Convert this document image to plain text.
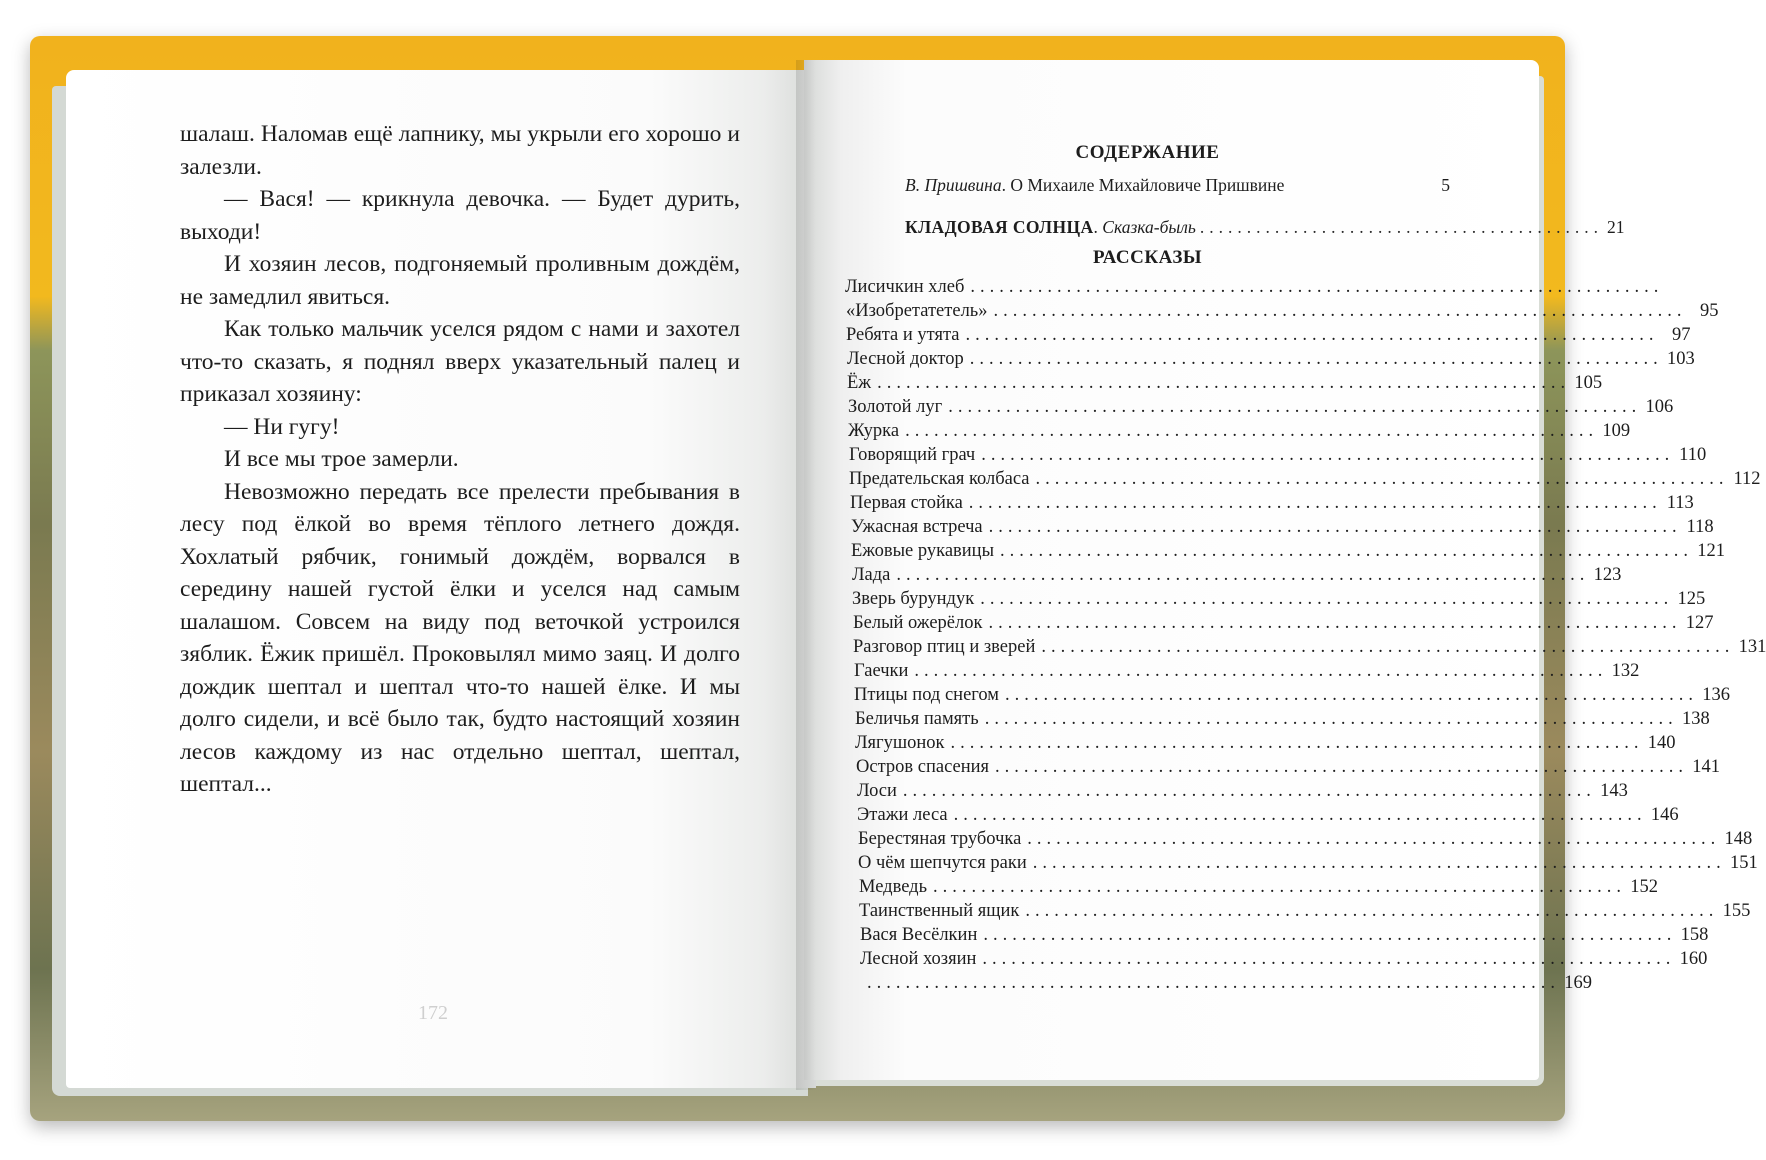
шалаш. Наломав ещё лапнику, мы укрыли его хорошо и залезли.

— Вася! — крикнула девочка. — Будет дурить, выходи!

И хозяин лесов, подгоняемый проливным дождём, не замедлил явиться.

Как только мальчик уселся рядом с нами и захотел что-то сказать, я поднял вверх указательный палец и приказал хозяину:

— Ни гугу!

И все мы трое замерли.

Невозможно передать все прелести пребывания в лесу под ёлкой во время тёплого летнего дождя. Хохлатый рябчик, гонимый дождём, ворвался в середину нашей густой ёлки и уселся над самым шалашом. Совсем на виду под веточкой устроился зяблик. Ёжик пришёл. Проковылял мимо заяц. И долго дождик шептал и шептал что-то нашей ёлке. И мы долго сидели, и всё было так, будто настоящий хозяин лесов каждому из нас отдельно шептал, шептал, шептал...

172
СОДЕРЖАНИЕ
В. Пришвина. О Михаиле Михайловиче Пришвине	5
КЛАДОВАЯ СОЛНЦА. Сказка-быль ........................................... 21
РАССКАЗЫ
Лисичкин хлеб ........................................................................
«Изобретатетель» ........................................................................ 95
Ребята и утята ........................................................................ 97
Лесной доктор ........................................................................ 103
Ёж ........................................................................ 105
Золотой луг ........................................................................ 106
Журка ........................................................................ 109
Говорящий грач ........................................................................ 110
Предательская колбаса ........................................................................ 112
Первая стойка ........................................................................ 113
Ужасная встреча ........................................................................ 118
Ежовые рукавицы ........................................................................ 121
Лада ........................................................................ 123
Зверь бурундук ........................................................................ 125
Белый ожерёлок ........................................................................ 127
Разговор птиц и зверей ........................................................................ 131
Гаечки ........................................................................ 132
Птицы под снегом ........................................................................ 136
Беличья память ........................................................................ 138
Лягушонок ........................................................................ 140
Остров спасения ........................................................................ 141
Лоси ........................................................................ 143
Этажи леса ........................................................................ 146
Берестяная трубочка ........................................................................ 148
О чём шепчутся раки ........................................................................ 151
Медведь ........................................................................ 152
Таинственный ящик ........................................................................ 155
Вася Весёлкин ........................................................................ 158
Лесной хозяин ........................................................................ 160
........................................................................ 169
